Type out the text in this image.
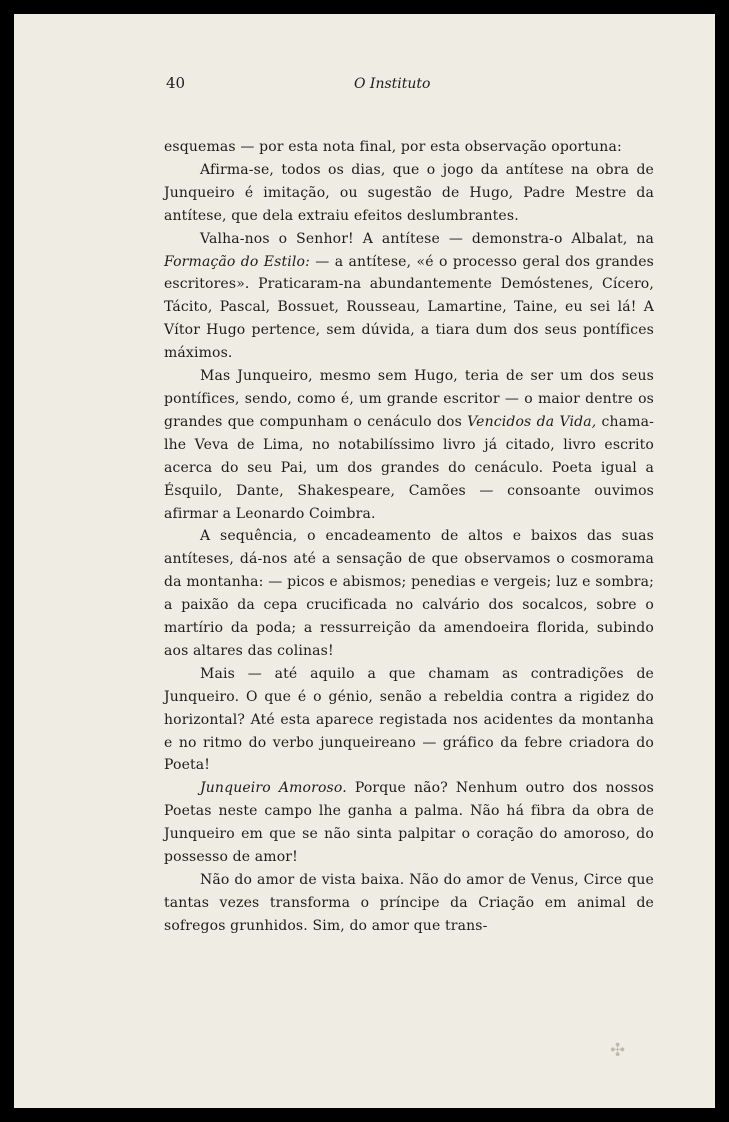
40	O Instituto

esquemas — por esta nota final, por esta observação oportuna:

Afirma-se, todos os dias, que o jogo da antítese na obra de Junqueiro é imitação, ou sugestão de Hugo, Padre Mestre da antítese, que dela extraiu efeitos deslumbrantes.

Valha-nos o Senhor! A antítese — demonstra-o Albalat, na Formação do Estilo: — a antítese, «é o processo geral dos grandes escritores». Praticaram-na abundantemente Demóstenes, Cícero, Tácito, Pascal, Bossuet, Rousseau, Lamartine, Taine, eu sei lá! A Vítor Hugo pertence, sem dúvida, a tiara dum dos seus pontífices máximos.

Mas Junqueiro, mesmo sem Hugo, teria de ser um dos seus pontífices, sendo, como é, um grande escritor — o maior dentre os grandes que compunham o cenáculo dos Vencidos da Vida, chama-lhe Veva de Lima, no notabilíssimo livro já citado, livro escrito acerca do seu Pai, um dos grandes do cenáculo. Poeta igual a Ésquilo, Dante, Shakespeare, Camões — consoante ouvimos afirmar a Leonardo Coimbra.

A sequência, o encadeamento de altos e baixos das suas antíteses, dá-nos até a sensação de que observamos o cosmorama da montanha: — picos e abismos; penedias e vergeis; luz e sombra; a paixão da cepa crucificada no calvário dos socalcos, sobre o martírio da poda; a ressurreição da amendoeira florida, subindo aos altares das colinas!

Mais — até aquilo a que chamam as contradições de Junqueiro. O que é o génio, senão a rebeldia contra a rigidez do horizontal? Até esta aparece registada nos acidentes da montanha e no ritmo do verbo junqueireano — gráfico da febre criadora do Poeta!

Junqueiro Amoroso. Porque não? Nenhum outro dos nossos Poetas neste campo lhe ganha a palma. Não há fibra da obra de Junqueiro em que se não sinta palpitar o coração do amoroso, do possesso de amor!

Não do amor de vista baixa. Não do amor de Venus, Circe que tantas vezes transforma o príncipe da Criação em animal de sofregos grunhidos. Sim, do amor que trans-

✣
